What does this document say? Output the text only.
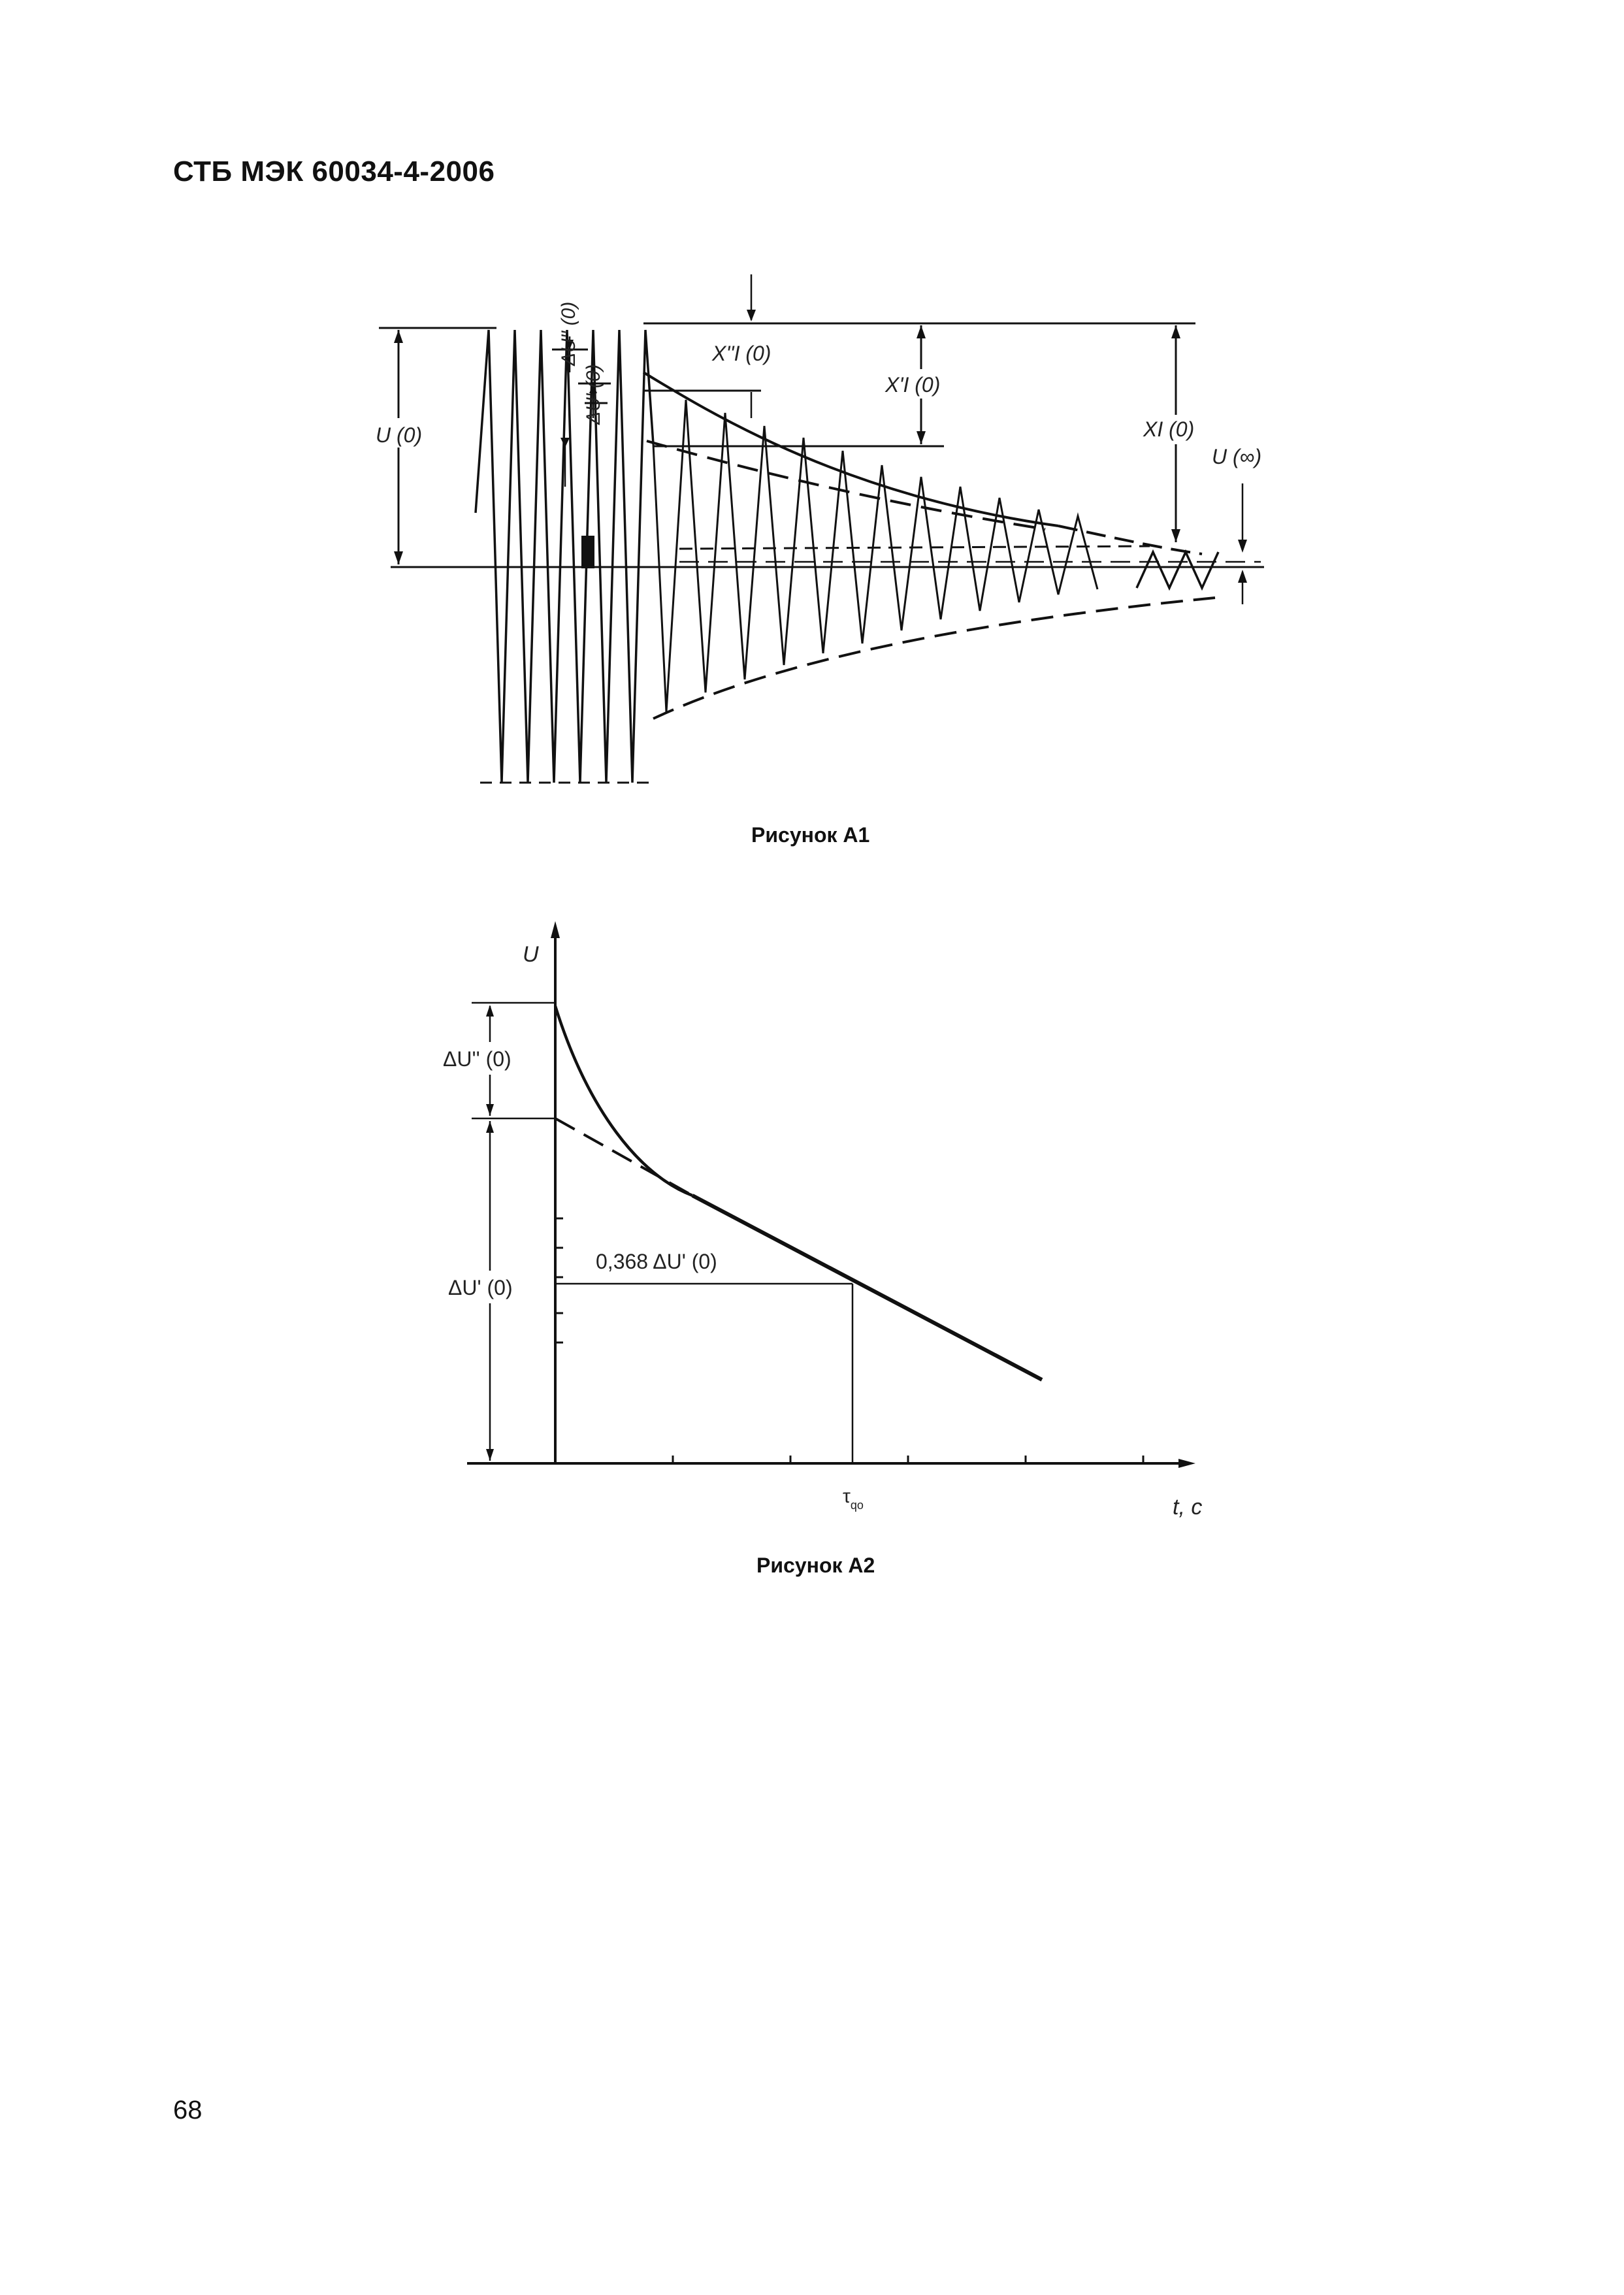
СТБ МЭК 60034-4-2006
U (0)
ΔU'' (0)
ΔU' (0)
X''I (0)
X'I (0)
XI (0)
U (∞)
ΔU'' (0)
ΔU' (0)
0,368 ΔU' (0)
U
t, с
$\tau_{qo}$
Рисунок А1
Рисунок А2
68
